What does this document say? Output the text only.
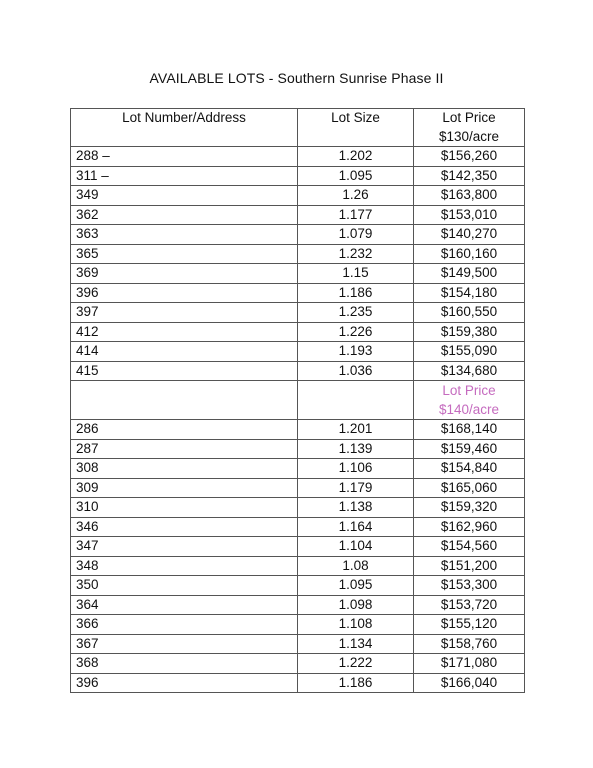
AVAILABLE LOTS - Southern Sunrise Phase II
Lot Number/Address	Lot Size	Lot Price
$130/acre

288 –	1.202	$156,260
311 –	1.095	$142,350
349	1.26	$163,800
362	1.177	$153,010
363	1.079	$140,270
365	1.232	$160,160
369	1.15	$149,500
396	1.186	$154,180
397	1.235	$160,550
412	1.226	$159,380
414	1.193	$155,090
415	1.036	$134,680

		Lot Price
$140/acre

286	1.201	$168,140
287	1.139	$159,460
308	1.106	$154,840
309	1.179	$165,060
310	1.138	$159,320
346	1.164	$162,960
347	1.104	$154,560
348	1.08	$151,200
350	1.095	$153,300
364	1.098	$153,720
366	1.108	$155,120
367	1.134	$158,760
368	1.222	$171,080
396	1.186	$166,040
